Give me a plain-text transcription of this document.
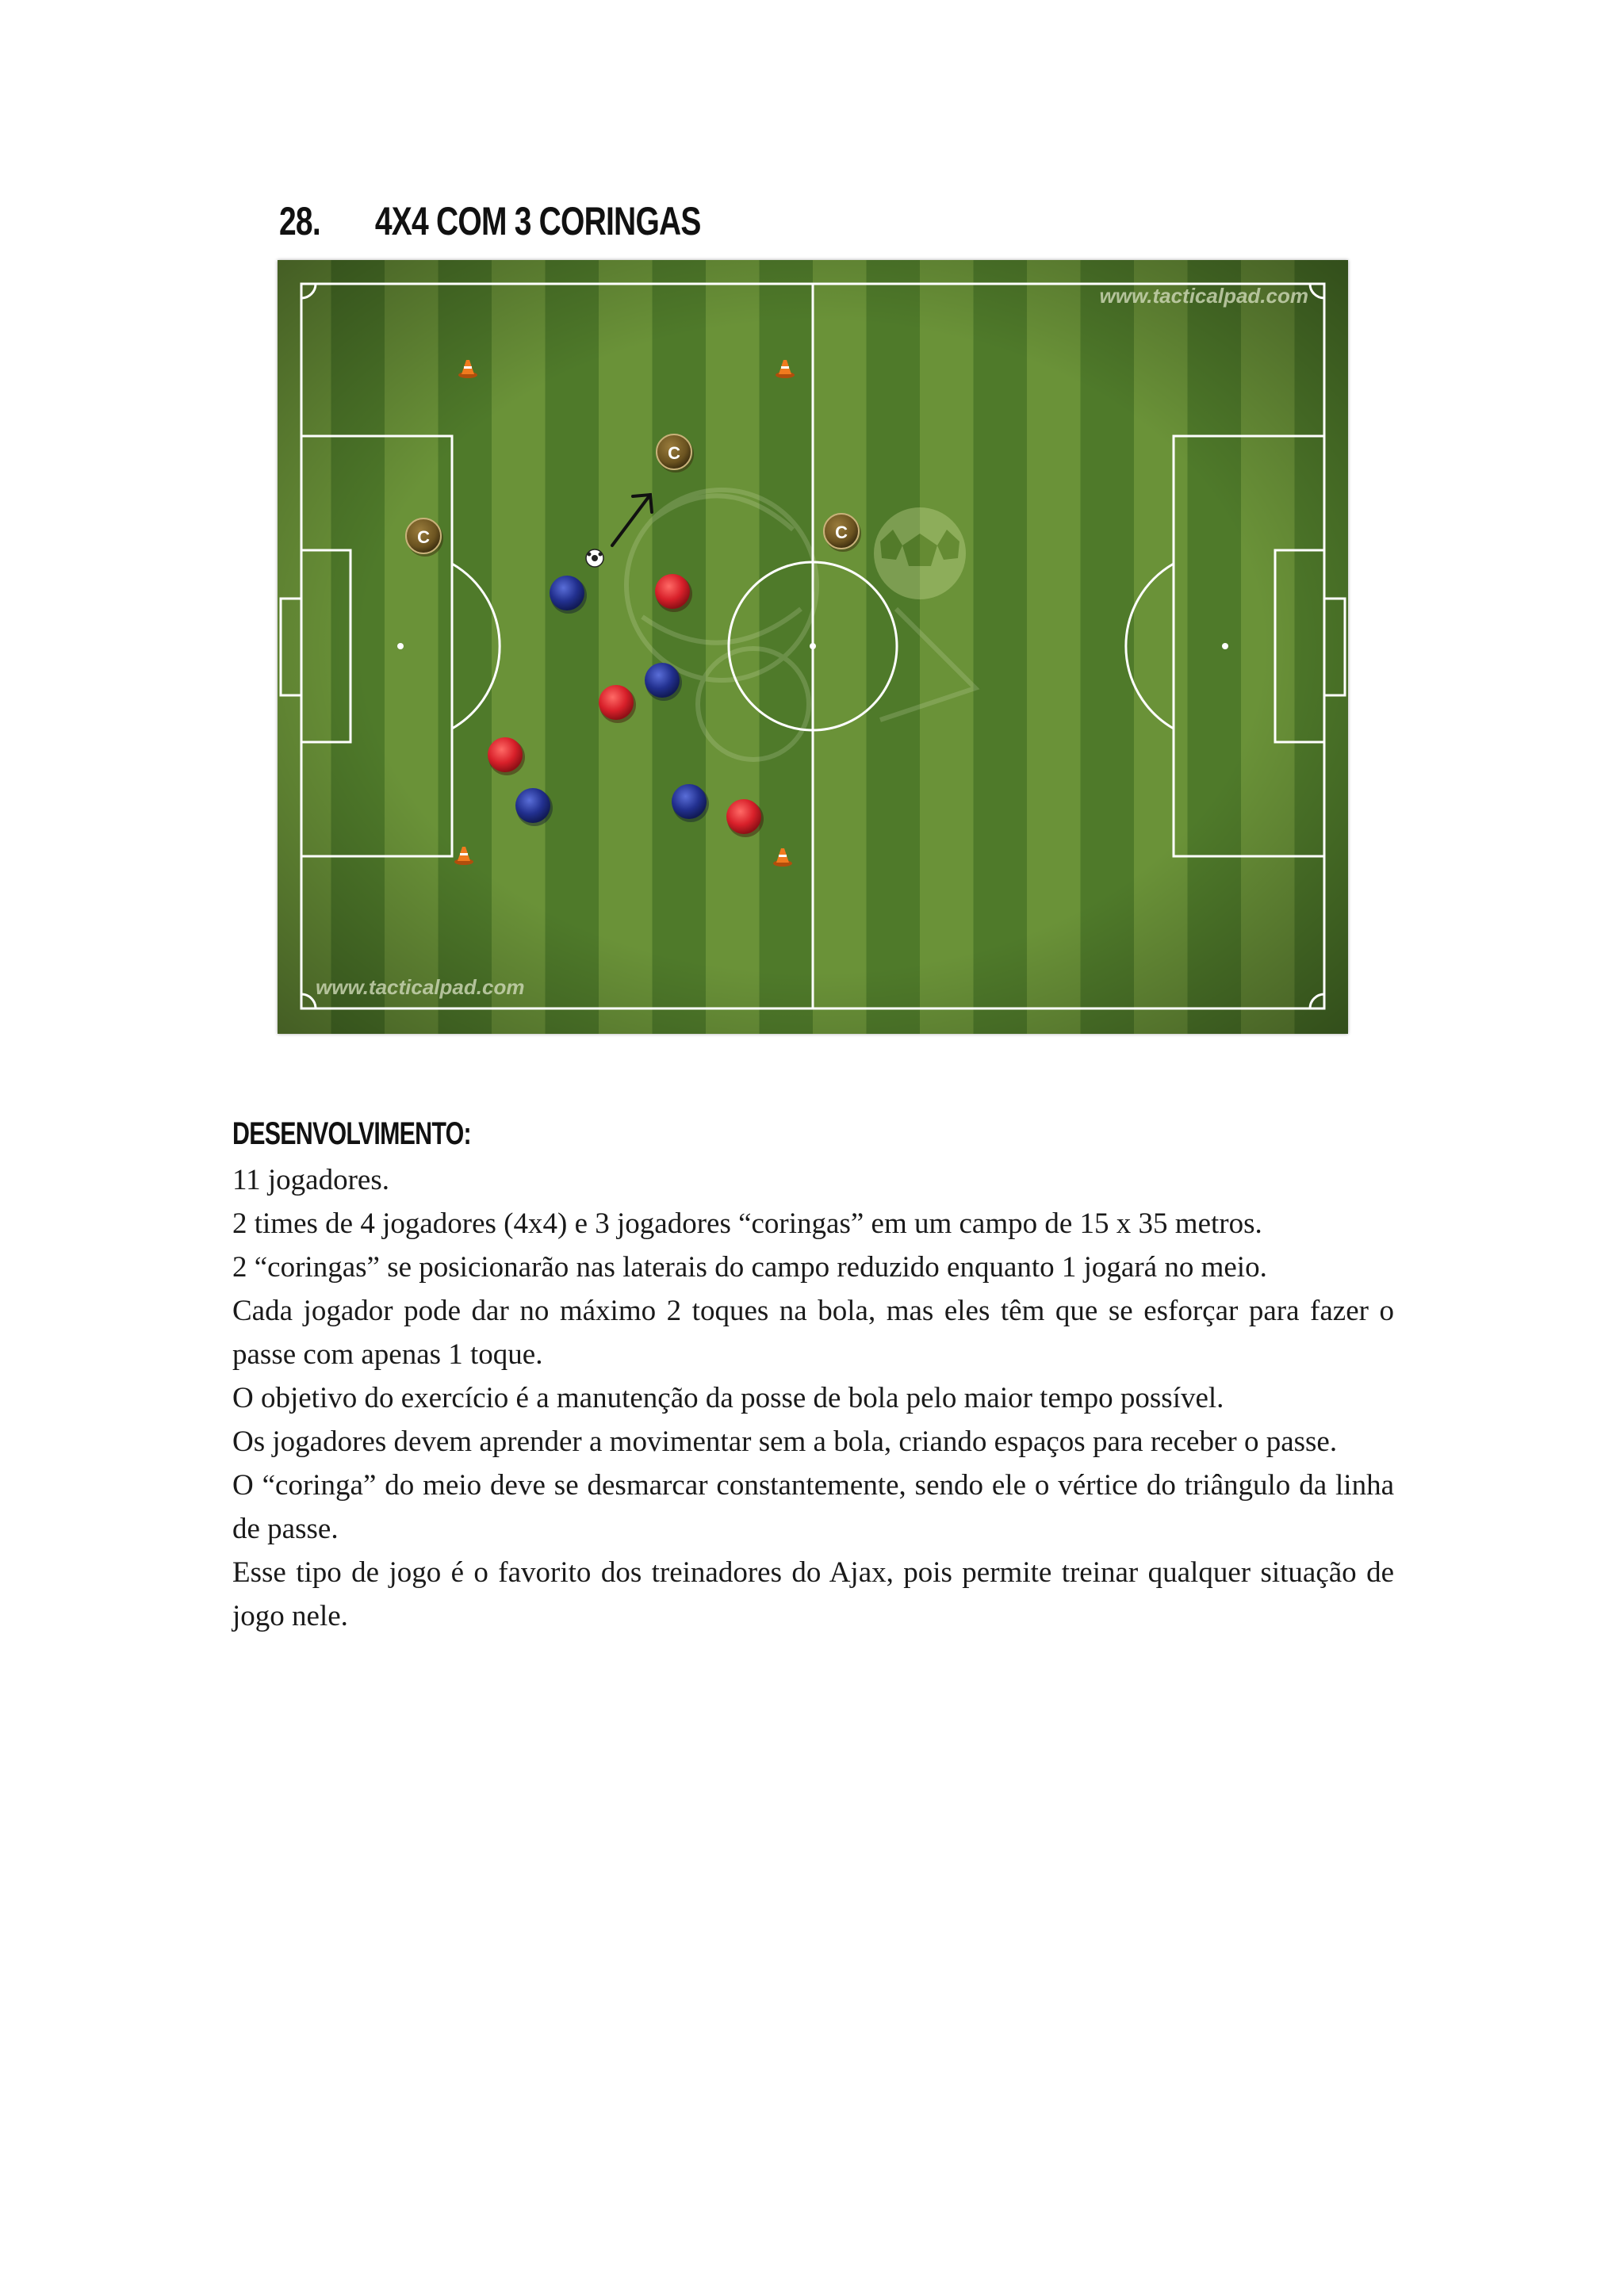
28. 4X4 COM 3 CORINGAS
www.tacticalpad.com
www.tacticalpad.com
C
C	C
DESENVOLVIMENTO:

11 jogadores.

2 times de 4 jogadores (4x4) e 3 jogadores “coringas” em um campo de 15 x 35 metros.

2 “coringas” se posicionarão nas laterais do campo reduzido enquanto 1 jogará no meio.

Cada jogador pode dar no máximo 2 toques na bola, mas eles têm que se esforçar para fazer o passe com apenas 1 toque.

O objetivo do exercício é a manutenção da posse de bola pelo maior tempo possível.

Os jogadores devem aprender a movimentar sem a bola, criando espaços para receber o passe.

O “coringa” do meio deve se desmarcar constantemente, sendo ele o vértice do triângulo da linha de passe.

Esse tipo de jogo é o favorito dos treinadores do Ajax, pois permite treinar qualquer situação de jogo nele.
